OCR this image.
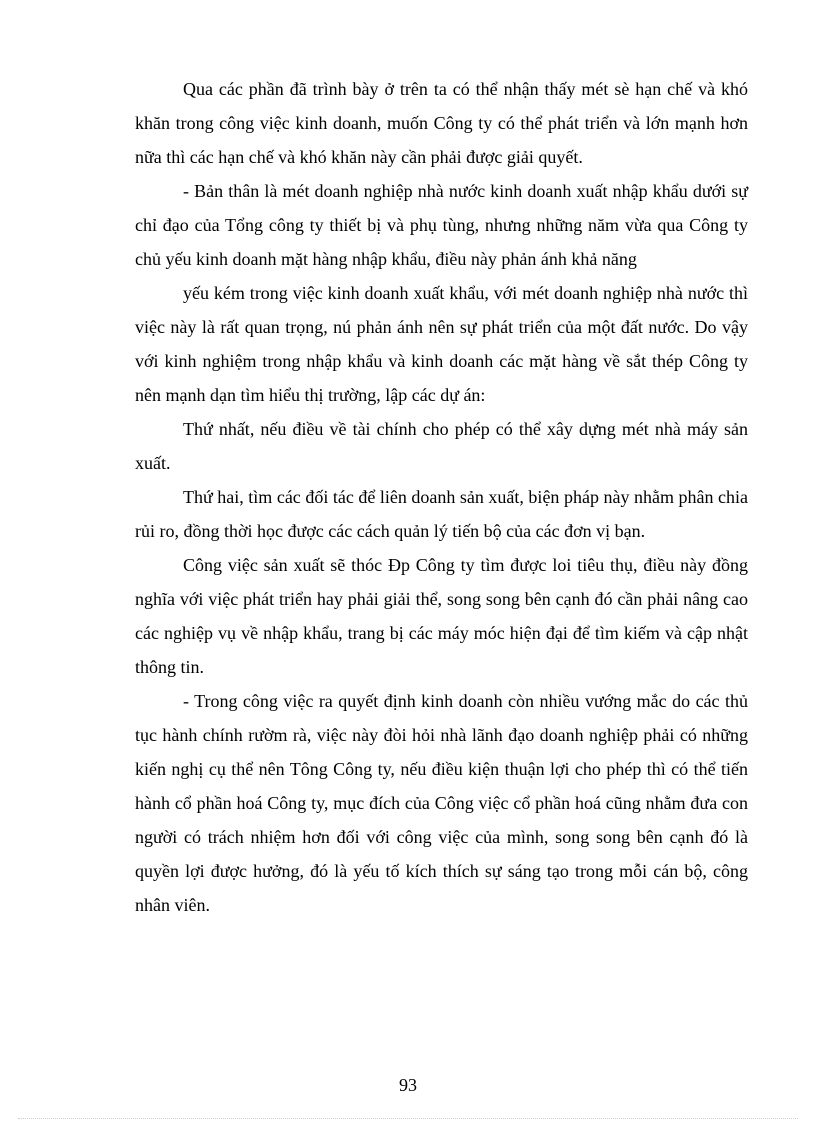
Qua các phần đã trình bày ở trên ta có thể nhận thấy mét sè hạn chế và khó khăn trong công việc kinh doanh, muốn Công ty có thể phát triển và lớn mạnh hơn nữa thì các hạn chế và khó khăn này cần phải được giải quyết.

- Bản thân là mét doanh nghiệp nhà nước kinh doanh xuất nhập khẩu dưới sự chỉ đạo của Tổng công ty thiết bị và phụ tùng, nhưng những năm vừa qua Công ty chủ yếu kinh doanh mặt hàng nhập khẩu, điều này phản ánh khả năng

yếu kém trong việc kinh doanh xuất khẩu, với mét doanh nghiệp nhà nước thì việc này là rất quan trọng, nú phản ánh nên sự phát triển của một đất nước. Do vậy với kinh nghiệm trong nhập khẩu và kinh doanh các mặt hàng về sắt thép Công ty nên mạnh dạn tìm hiểu thị trường, lập các dự án:

Thứ nhất, nếu điều về tài chính cho phép có thể xây dựng mét nhà máy sản xuất.

Thứ hai, tìm các đối tác để liên doanh sản xuất, biện pháp này nhằm phân chia rủi ro, đồng thời học được các cách quản lý tiến bộ của các đơn vị bạn.

Công việc sản xuất sẽ thóc Đp Công ty tìm được loi tiêu thụ, điều này đồng nghĩa với việc phát triển hay phải giải thể, song song bên cạnh đó cần phải nâng cao các nghiệp vụ về nhập khẩu, trang bị các máy móc hiện đại để tìm kiếm và cập nhật thông tin.

- Trong công việc ra quyết định kinh doanh còn nhiều vướng mắc do các thủ tục hành chính rườm rà, việc này đòi hỏi nhà lãnh đạo doanh nghiệp phải có những kiến nghị cụ thể nên Tông Công ty, nếu điều kiện thuận lợi cho phép thì có thể tiến hành cổ phần hoá Công ty, mục đích của Công việc cổ phần hoá cũng nhằm đưa con người có trách nhiệm hơn đối với công việc của mình, song song bên cạnh đó là quyền lợi được hưởng, đó là yếu tố kích thích sự sáng tạo trong mỗi cán bộ, công nhân viên.

93
